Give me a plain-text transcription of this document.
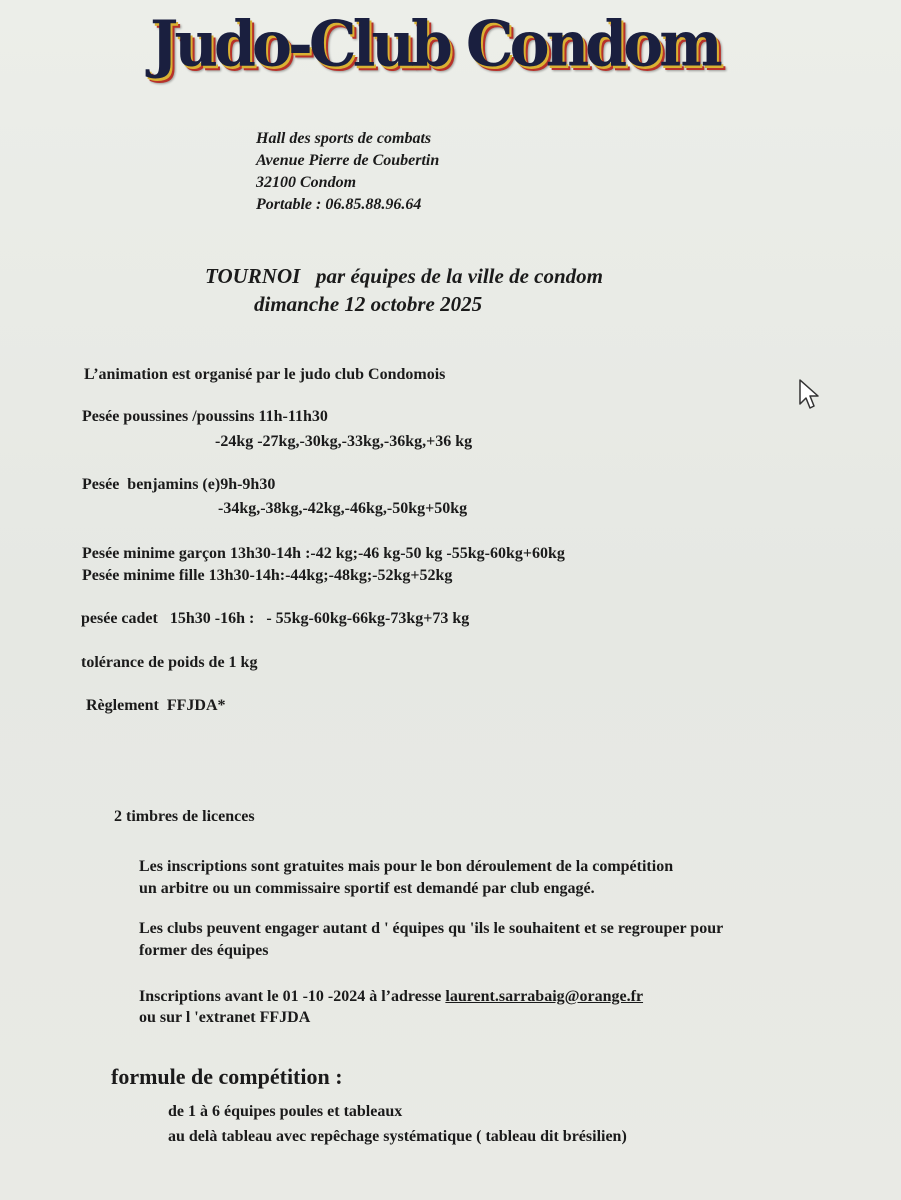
Judo-Club Condom
Hall des sports de combats
Avenue Pierre de Coubertin
32100 Condom
Portable : 06.85.88.96.64
TOURNOI   par équipes de la ville de condom
dimanche 12 octobre 2025
L’animation est organisé par le judo club Condomois
Pesée poussines /poussins 11h-11h30
-24kg -27kg,-30kg,-33kg,-36kg,+36 kg
Pesée  benjamins (e)9h-9h30
-34kg,-38kg,-42kg,-46kg,-50kg+50kg
Pesée minime garçon 13h30-14h :-42 kg;-46 kg-50 kg -55kg-60kg+60kg
Pesée minime fille 13h30-14h:-44kg;-48kg;-52kg+52kg
pesée cadet   15h30 -16h :   - 55kg-60kg-66kg-73kg+73 kg
tolérance de poids de 1 kg
Règlement  FFJDA*
2 timbres de licences
Les inscriptions sont gratuites mais pour le bon déroulement de la compétition
un arbitre ou un commissaire sportif est demandé par club engagé.
Les clubs peuvent engager autant d ' équipes qu 'ils le souhaitent et se regrouper pour
former des équipes
Inscriptions avant le 01 -10 -2024 à l’adresse laurent.sarrabaig@orange.fr
ou sur l 'extranet FFJDA
formule de compétition :
de 1 à 6 équipes poules et tableaux
au delà tableau avec repêchage systématique ( tableau dit brésilien)
